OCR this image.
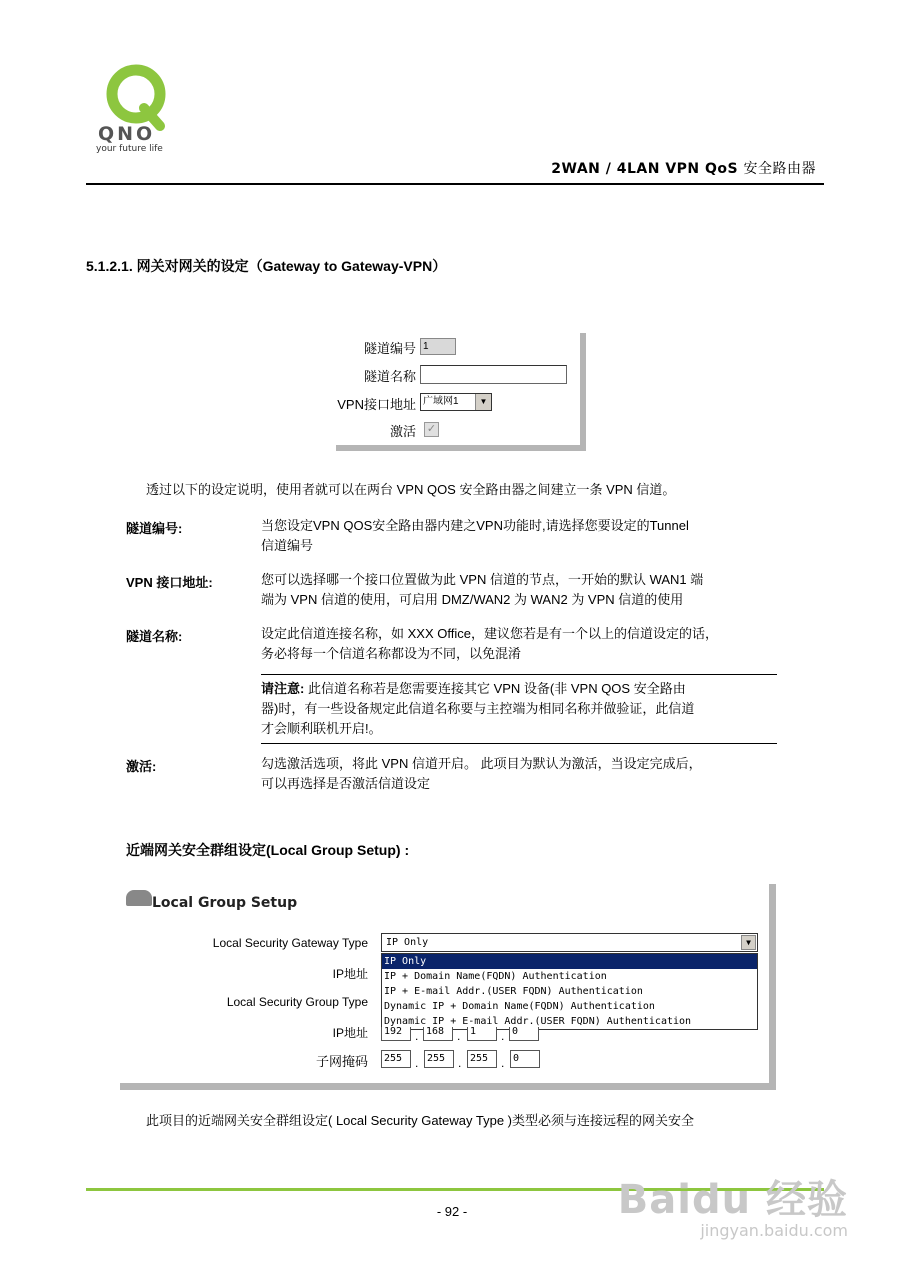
QNO
your future life
2WAN / 4LAN VPN QoS 安全路由器
5.1.2.1. 网关对网关的设定（Gateway to Gateway-VPN）
隧道编号 1
隧道名称
VPN接口地址 广域网1	▼
激活 ✓
透过以下的设定说明，使用者就可以在两台 VPN QOS 安全路由器之间建立一条 VPN 信道。
隧道编号:	当您设定VPN QOS安全路由器内建之VPN功能时,请选择您要设定的Tunnel
信道编号
VPN 接口地址:	您可以选择哪一个接口位置做为此 VPN 信道的节点，一开始的默认 WAN1 端
端为 VPN 信道的使用，可启用 DMZ/WAN2 为 WAN2 为 VPN 信道的使用
隧道名称:	设定此信道连接名称，如 XXX Office，建议您若是有一个以上的信道设定的话，
务必将每一个信道名称都设为不同，以免混淆
请注意: 此信道名称若是您需要连接其它 VPN 设备(非 VPN QOS 安全路由
器)时，有一些设备规定此信道名称要与主控端为相同名称并做验证，此信道
才会顺利联机开启!。
激活:	勾选激活选项，将此 VPN 信道开启。 此项目为默认为激活，当设定完成后，
可以再选择是否激活信道设定
近端网关安全群组设定(Local Group Setup) :
Local Group Setup
Local Security Gateway Type	IP Only	▼
IP Only
IP + Domain Name(FQDN) Authentication
IP + E-mail Addr.(USER FQDN) Authentication
Dynamic IP + Domain Name(FQDN) Authentication
Dynamic IP + E-mail Addr.(USER FQDN) Authentication
IP地址
Local Security Group Type
IP地址	192	. 168	. 1	. 0
子网掩码	255	. 255	. 255	. 0
此项目的近端网关安全群组设定( Local Security Gateway Type )类型必须与连接远程的网关安全
- 92 -	Baidu 经验
jingyan.baidu.com
